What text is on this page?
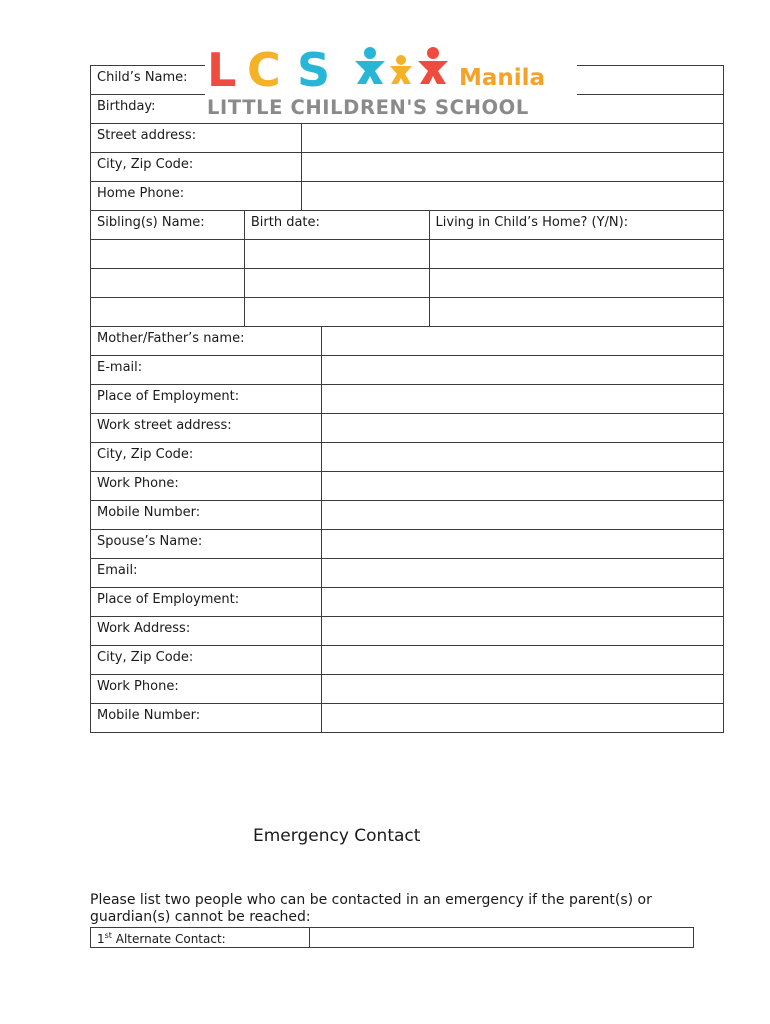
Child’s Name:				
Birthday:				
Street address:				
City, Zip Code:				
Home Phone:				
Sibling(s) Name:	Birth date:			Living in Child’s Home? (Y/N):

Mother/Father’s name:				
E-mail:				
Place of Employment:				
Work street address:				
City, Zip Code:				
Work Phone:				
Mobile Number:				
Spouse’s Name:				
Email:				
Place of Employment:				
Work Address:				
City, Zip Code:				
Work Phone:				
Mobile Number:				
L C S	Manila
LITTLE CHILDREN'S SCHOOL
Emergency Contact
Please list two people who can be contacted in an emergency if the parent(s) or guardian(s) cannot be reached:
1st Alternate Contact:	
